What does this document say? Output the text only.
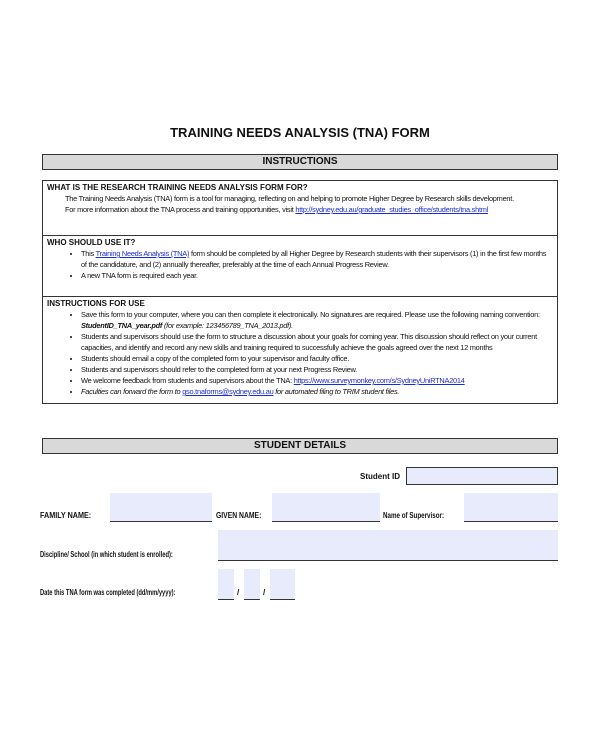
TRAINING NEEDS ANALYSIS (TNA) FORM
INSTRUCTIONS
WHAT IS THE RESEARCH TRAINING NEEDS ANALYSIS FORM FOR?
The Training Needs Analysis (TNA) form is a tool for managing, reflecting on and helping to promote Higher Degree by Research skills development.
For more information about the TNA process and training opportunities, visit http://sydney.edu.au/graduate_studies_office/students/tna.shtml
WHO SHOULD USE IT?
• This Training Needs Analysis (TNA) form should be completed by all Higher Degree by Research students with their supervisors (1) in the first few months of the candidature, and (2) annually thereafter, preferably at the time of each Annual Progress Review.
• A new TNA form is required each year.
INSTRUCTIONS FOR USE
• Save this form to your computer, where you can then complete it electronically. No signatures are required. Please use the following naming convention:
StudentID_TNA_year.pdf (for example: 123456789_TNA_2013.pdf).
• Students and supervisors should use the form to structure a discussion about your goals for coming year. This discussion should reflect on your current capacities, and identify and record any new skills and training required to successfully achieve the goals agreed over the next 12 months
• Students should email a copy of the completed form to your supervisor and faculty office.
• Students and supervisors should refer to the completed form at your next Progress Review.
• We welcome feedback from students and supervisors about the TNA: https://www.surveymonkey.com/s/SydneyUniRTNA2014
• Faculties can forward the form to gso.tnaforms@sydney.edu.au for automated filing to TRIM student files.
STUDENT DETAILS
Student ID
FAMILY NAME:	GIVEN NAME:	Name of Supervisor:
Discipline/ School (in which student is enrolled):
Date this TNA form was completed (dd/mm/yyyy):	/	/
